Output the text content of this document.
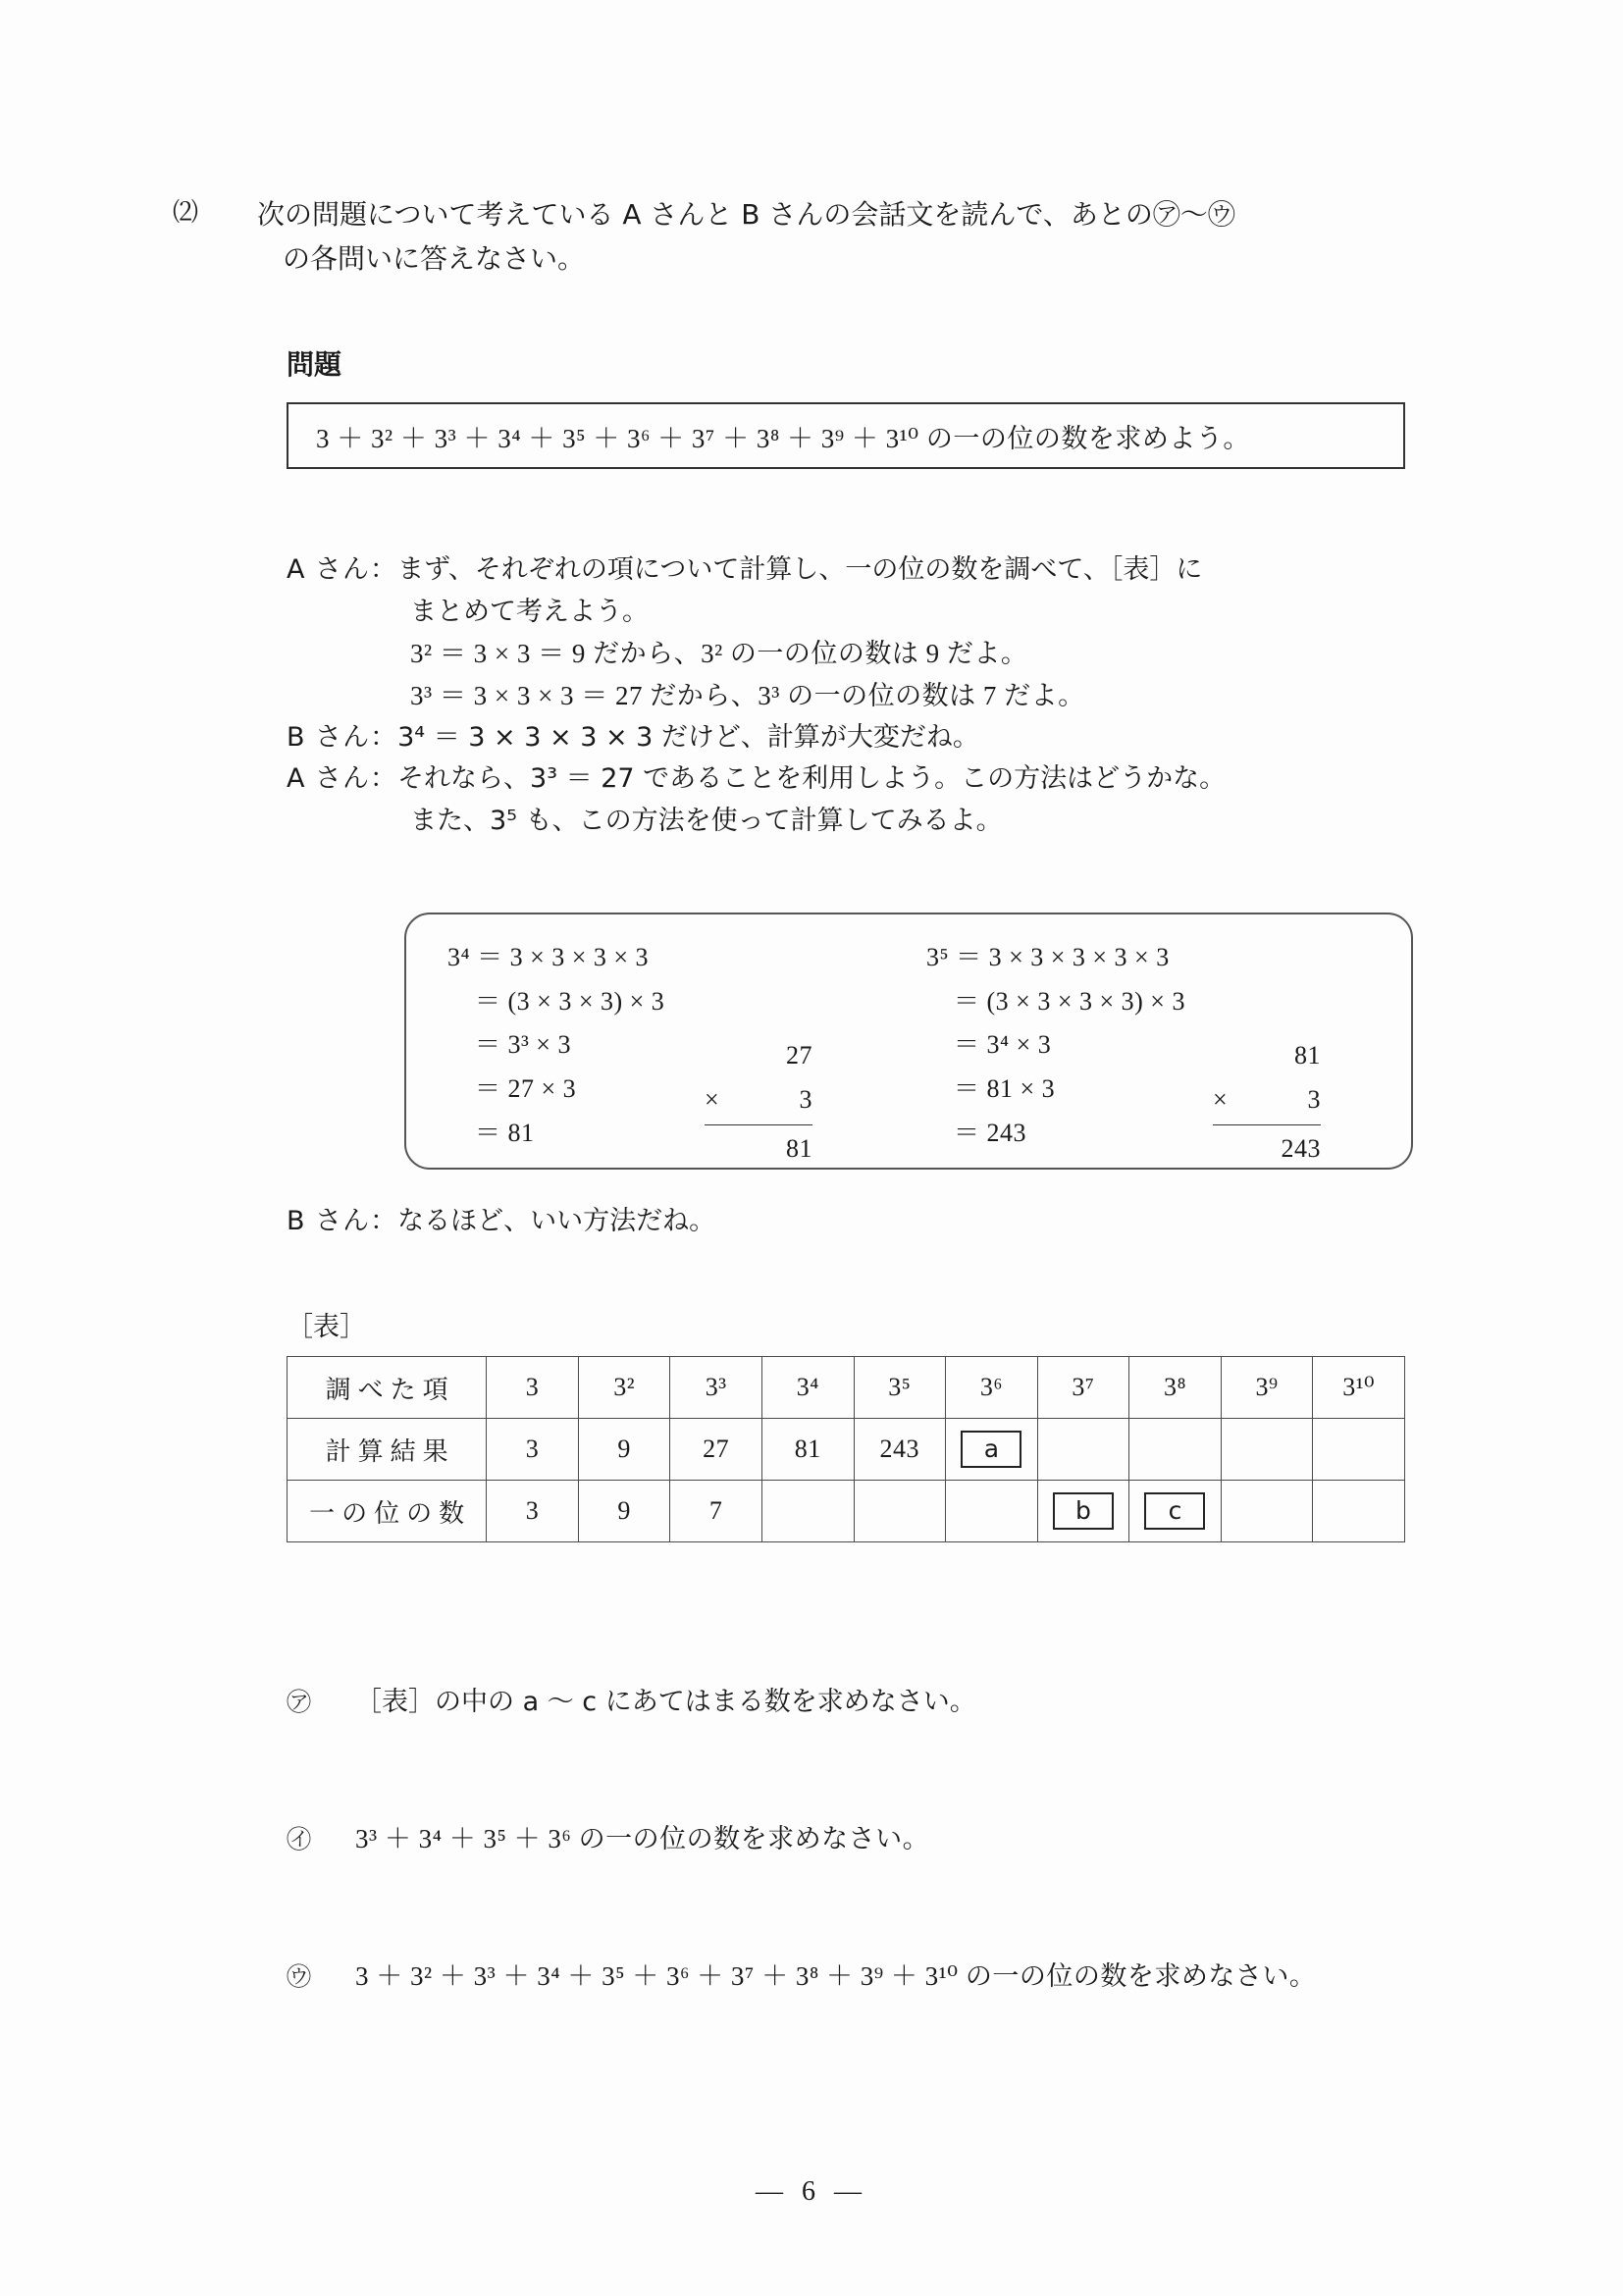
⑵ 次の問題について考えている A さんと B さんの会話文を読んで、あとの㋐〜㋒
の各問いに答えなさい。
問題
3 ＋ 3² ＋ 3³ ＋ 3⁴ ＋ 3⁵ ＋ 3⁶ ＋ 3⁷ ＋ 3⁸ ＋ 3⁹ ＋ 3¹⁰ の一の位の数を求めよう。
A さん：まず、それぞれの項について計算し、一の位の数を調べて、［表］に
まとめて考えよう。
3² ＝ 3 × 3 ＝ 9 だから、3² の一の位の数は 9 だよ。
3³ ＝ 3 × 3 × 3 ＝ 27 だから、3³ の一の位の数は 7 だよ。
B さん：3⁴ ＝ 3 × 3 × 3 × 3 だけど、計算が大変だね。
A さん：それなら、3³ ＝ 27 であることを利用しよう。この方法はどうかな。
また、3⁵ も、この方法を使って計算してみるよ。
3⁴ ＝ 3 × 3 × 3 × 3
＝ (3 × 3 × 3) × 3
＝ 3³ × 3
＝ 27 × 3
＝ 81
27
×	3
81
3⁵ ＝ 3 × 3 × 3 × 3 × 3
＝ (3 × 3 × 3 × 3) × 3
＝ 3⁴ × 3
＝ 81 × 3
＝ 243
81
×	3
243
B さん：なるほど、いい方法だね。
［表］
調べた項	3	3²	3³	3⁴	3⁵	3⁶	3⁷	3⁸	3⁹	3¹⁰
計算結果	3	9	27	81	243	a				
一の位の数	3	9	7				b	c		
㋐ ［表］の中の a 〜 c にあてはまる数を求めなさい。
㋑ 3³ ＋ 3⁴ ＋ 3⁵ ＋ 3⁶ の一の位の数を求めなさい。
㋒ 3 ＋ 3² ＋ 3³ ＋ 3⁴ ＋ 3⁵ ＋ 3⁶ ＋ 3⁷ ＋ 3⁸ ＋ 3⁹ ＋ 3¹⁰ の一の位の数を求めなさい。
— 6 —
